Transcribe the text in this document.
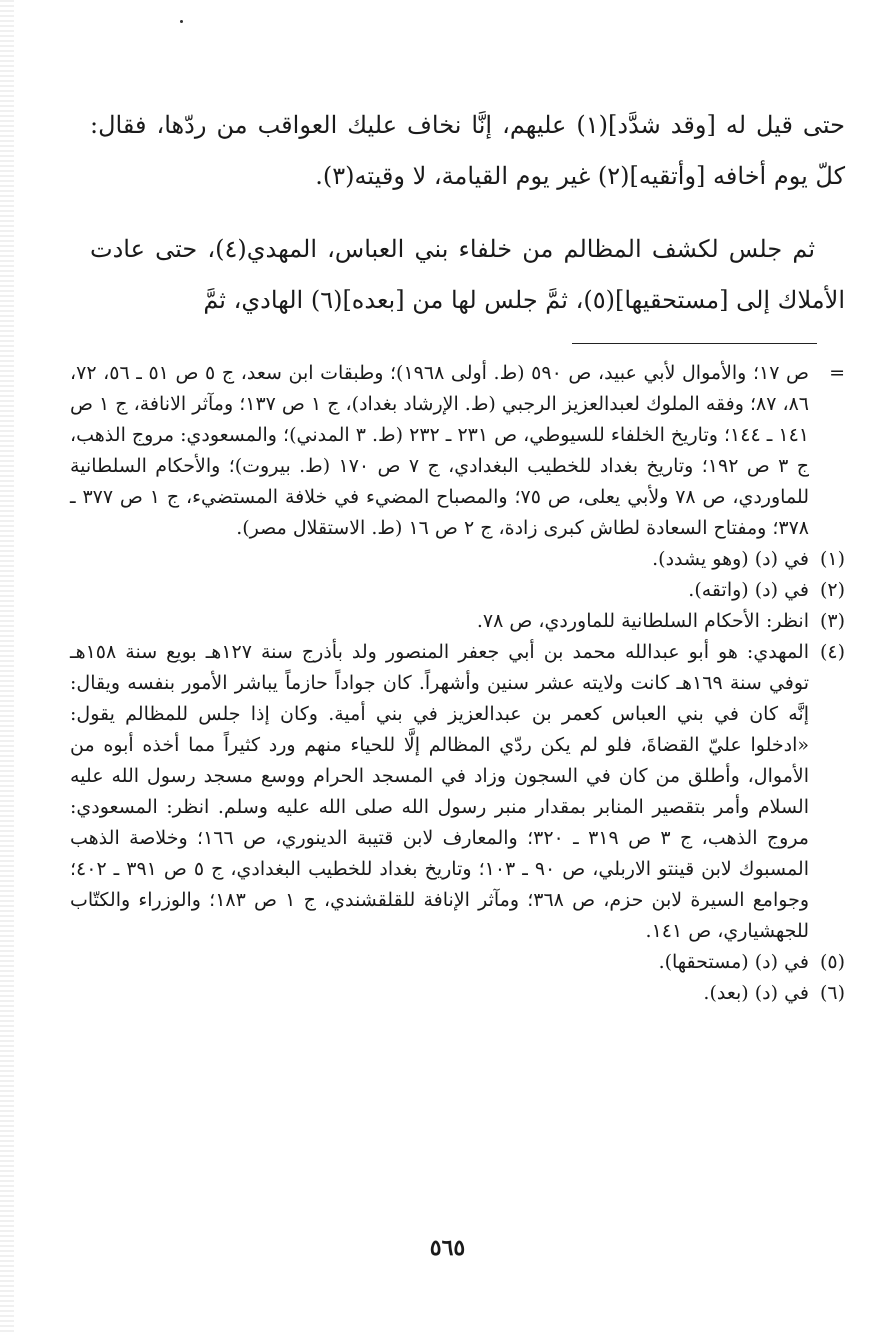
حتى قيل له [وقد شدَّد](١) عليهم، إنَّا نخاف عليك العواقب من ردّها، فقال: كلّ يوم أخافه [وأتقيه](٢) غير يوم القيامة، لا وقيته(٣).

ثم جلس لكشف المظالم من خلفاء بني العباس، المهدي(٤)، حتى عادت الأملاك إلى [مستحقيها](٥)، ثمَّ جلس لها من [بعده](٦) الهادي، ثمَّ

=
ص ١٧؛ والأموال لأبي عبيد، ص ٥٩٠ (ط. أولى ١٩٦٨)؛ وطبقات ابن سعد، ج ٥ ص ٥١ ـ ٥٦، ٧٢، ٨٦، ٨٧؛ وفقه الملوك لعبدالعزيز الرجبي (ط. الإرشاد بغداد)، ج ١ ص ١٣٧؛ ومآثر الانافة، ج ١ ص ١٤١ ـ ١٤٤؛ وتاريخ الخلفاء للسيوطي، ص ٢٣١ ـ ٢٣٢ (ط. ٣ المدني)؛ والمسعودي: مروج الذهب، ج ٣ ص ١٩٢؛ وتاريخ بغداد للخطيب البغدادي، ج ٧ ص ١٧٠ (ط. بيروت)؛ والأحكام السلطانية للماوردي، ص ٧٨ ولأبي يعلى، ص ٧٥؛ والمصباح المضيء في خلافة المستضيء، ج ١ ص ٣٧٧ ـ ٣٧٨؛ ومفتاح السعادة لطاش كبرى زادة، ج ٢ ص ١٦ (ط. الاستقلال مصر).
(١)
في (د) (وهو يشدد).
(٢)
في (د) (واتقه).
(٣)
انظر: الأحكام السلطانية للماوردي، ص ٧٨.
(٤)
المهدي: هو أبو عبدالله محمد بن أبي جعفر المنصور ولد بأذرج سنة ١٢٧هـ بويع سنة ١٥٨هـ توفي سنة ١٦٩هـ كانت ولايته عشر سنين وأشهراً. كان جواداً حازماً يباشر الأمور بنفسه ويقال: إنَّه كان في بني العباس كعمر بن عبدالعزيز في بني أمية. وكان إذا جلس للمظالم يقول: «ادخلوا عليّ القضاةَ، فلو لم يكن ردّي المظالم إلَّا للحياء منهم ورد كثيراً مما أخذه أبوه من الأموال، وأطلق من كان في السجون وزاد في المسجد الحرام ووسع مسجد رسول الله عليه السلام وأمر بتقصير المنابر بمقدار منبر رسول الله صلى الله عليه وسلم. انظر: المسعودي: مروج الذهب، ج ٣ ص ٣١٩ ـ ٣٢٠؛ والمعارف لابن قتيبة الدينوري، ص ١٦٦؛ وخلاصة الذهب المسبوك لابن قينتو الاربلي، ص ٩٠ ـ ١٠٣؛ وتاريخ بغداد للخطيب البغدادي، ج ٥ ص ٣٩١ ـ ٤٠٢؛ وجوامع السيرة لابن حزم، ص ٣٦٨؛ ومآثر الإنافة للقلقشندي، ج ١ ص ١٨٣؛ والوزراء والكتّاب للجهشياري، ص ١٤١.
(٥)
في (د) (مستحقها).
(٦)
في (د) (بعد).
٥٦٥
